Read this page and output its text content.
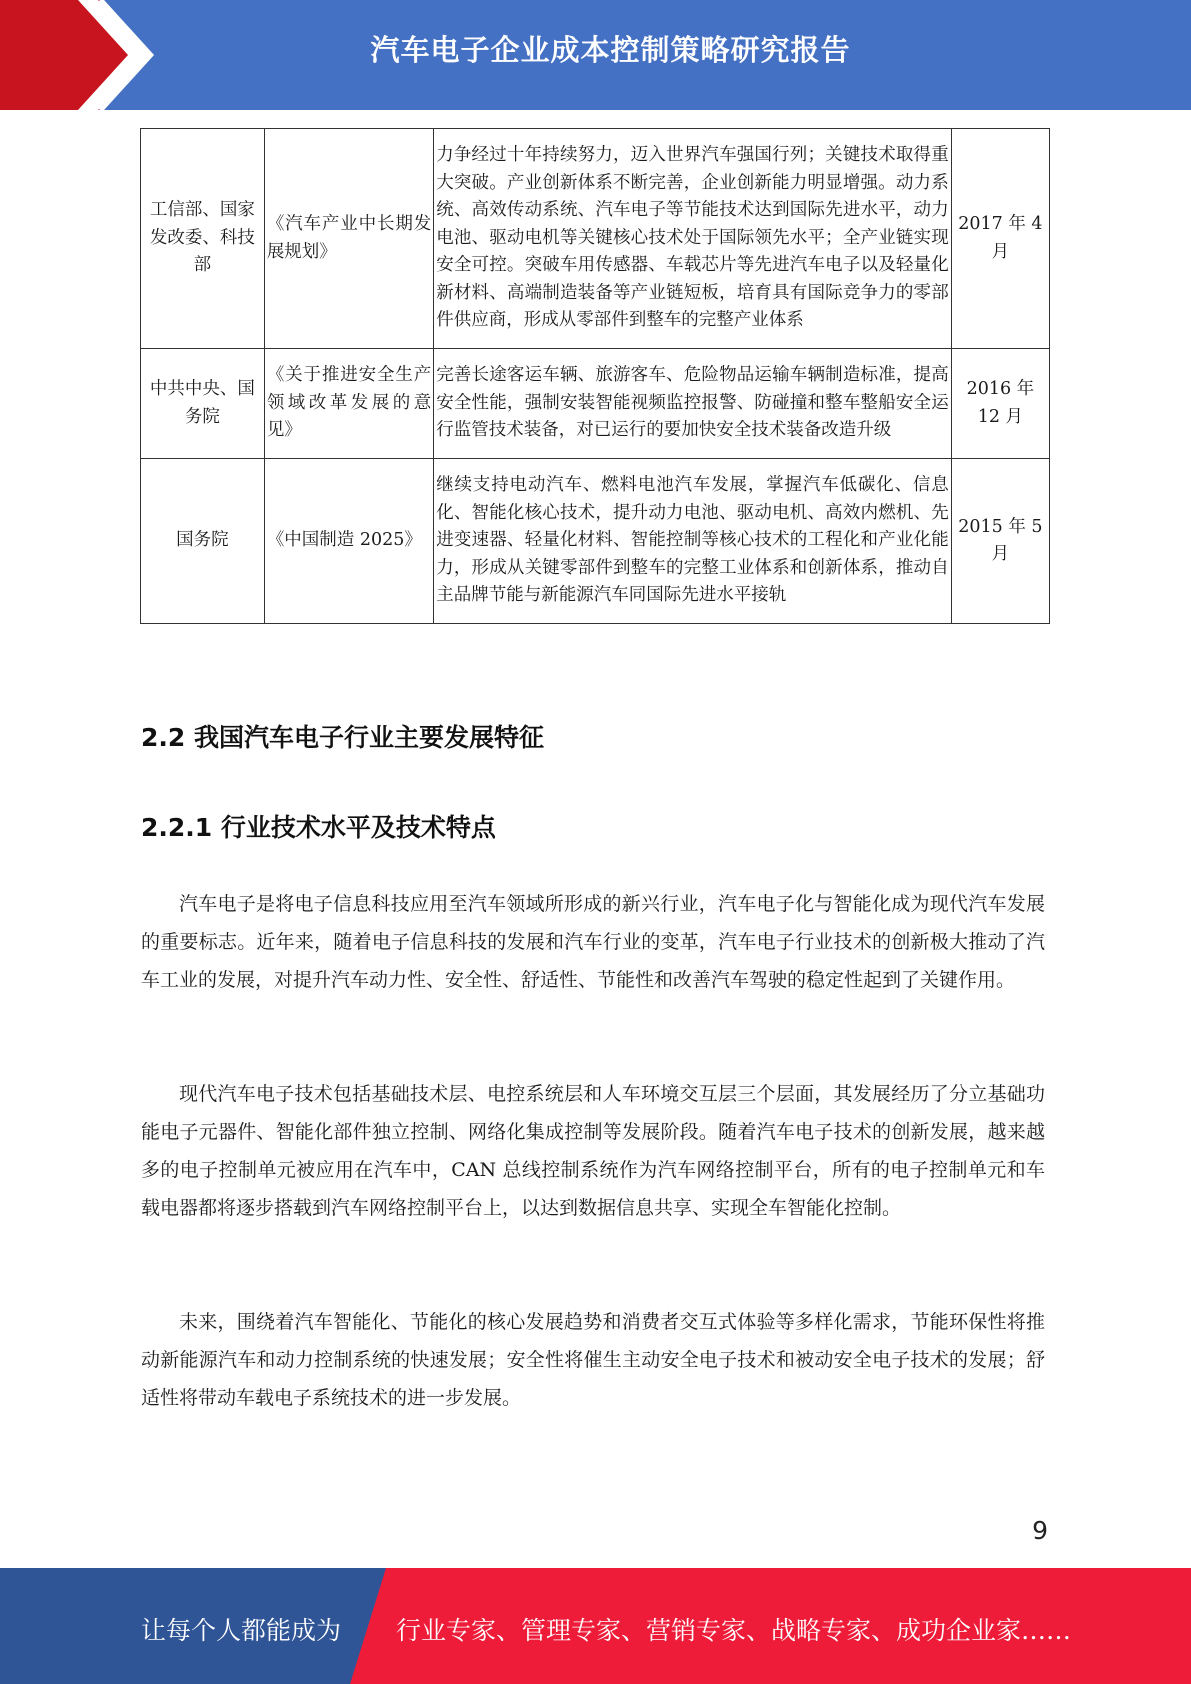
汽车电子企业成本控制策略研究报告
工信部、国家发改委、科技部	《汽车产业中长期发展规划》	力争经过十年持续努力，迈入世界汽车强国行列；关键技术取得重大突破。产业创新体系不断完善，企业创新能力明显增强。动力系统、高效传动系统、汽车电子等节能技术达到国际先进水平，动力电池、驱动电机等关键核心技术处于国际领先水平；全产业链实现安全可控。突破车用传感器、车载芯片等先进汽车电子以及轻量化新材料、高端制造装备等产业链短板，培育具有国际竞争力的零部件供应商，形成从零部件到整车的完整产业体系	2017 年 4 月
中共中央、国务院	《关于推进安全生产领域改革发展的意见》	完善长途客运车辆、旅游客车、危险物品运输车辆制造标准，提高安全性能，强制安装智能视频监控报警、防碰撞和整车整船安全运行监管技术装备，对已运行的要加快安全技术装备改造升级	2016 年 12 月
国务院	《中国制造 2025》	继续支持电动汽车、燃料电池汽车发展，掌握汽车低碳化、信息化、智能化核心技术，提升动力电池、驱动电机、高效内燃机、先进变速器、轻量化材料、智能控制等核心技术的工程化和产业化能力，形成从关键零部件到整车的完整工业体系和创新体系，推动自主品牌节能与新能源汽车同国际先进水平接轨	2015 年 5 月
2.2 我国汽车电子行业主要发展特征
2.2.1 行业技术水平及技术特点

汽车电子是将电子信息科技应用至汽车领域所形成的新兴行业，汽车电子化与智能化成为现代汽车发展的重要标志。近年来，随着电子信息科技的发展和汽车行业的变革，汽车电子行业技术的创新极大推动了汽车工业的发展，对提升汽车动力性、安全性、舒适性、节能性和改善汽车驾驶的稳定性起到了关键作用。

现代汽车电子技术包括基础技术层、电控系统层和人车环境交互层三个层面，其发展经历了分立基础功能电子元器件、智能化部件独立控制、网络化集成控制等发展阶段。随着汽车电子技术的创新发展，越来越多的电子控制单元被应用在汽车中，CAN 总线控制系统作为汽车网络控制平台，所有的电子控制单元和车载电器都将逐步搭载到汽车网络控制平台上，以达到数据信息共享、实现全车智能化控制。

未来，围绕着汽车智能化、节能化的核心发展趋势和消费者交互式体验等多样化需求，节能环保性将推动新能源汽车和动力控制系统的快速发展；安全性将催生主动安全电子技术和被动安全电子技术的发展；舒适性将带动车载电子系统技术的进一步发展。

9
让每个人都能成为 行业专家、管理专家、营销专家、战略专家、成功企业家……
